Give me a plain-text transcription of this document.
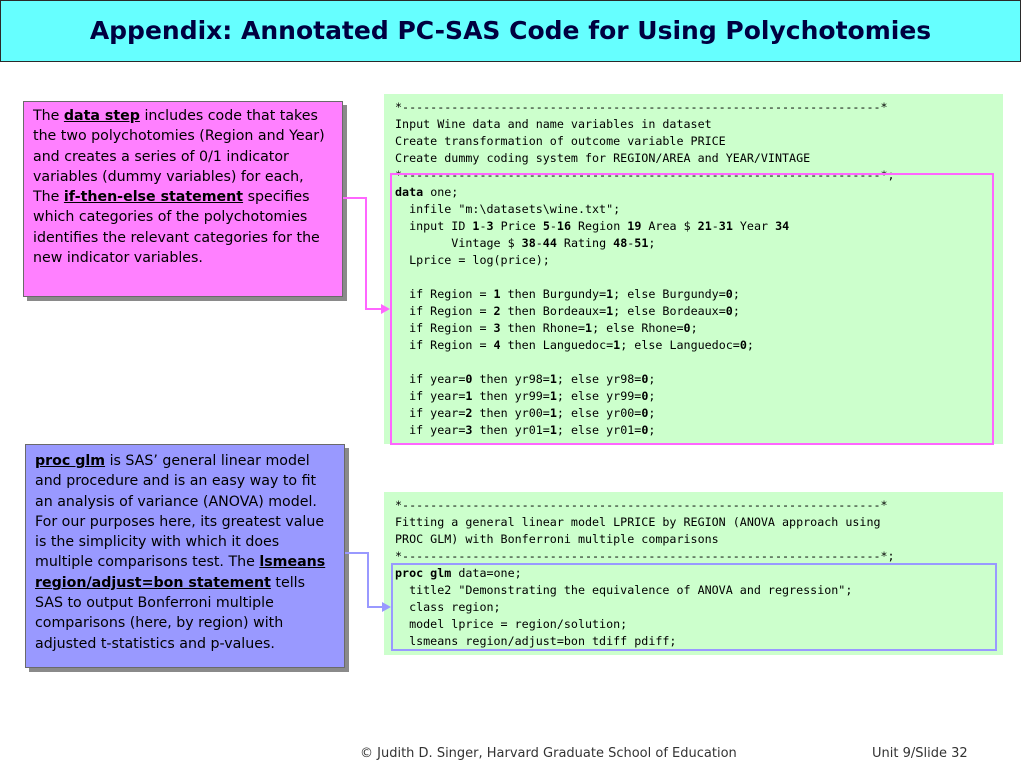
Appendix: Annotated PC-SAS Code for Using Polychotomies
The data step includes code that takes the two polychotomies (Region and Year) and creates a series of 0/1 indicator variables (dummy variables) for each, The if-then-else statement specifies which categories of the polychotomies identifies the relevant categories for the new indicator variables.
proc glm is SAS’ general linear model and procedure and is an easy way to fit an analysis of variance (ANOVA) model. For our purposes here, its greatest value is the simplicity with which it does multiple comparisons test. The lsmeans region/adjust=bon statement tells SAS to output Bonferroni multiple comparisons (here, by region) with adjusted t-statistics and p-values.
*--------------------------------------------------------------------*
Input Wine data and name variables in dataset
Create transformation of outcome variable PRICE
Create dummy coding system for REGION/AREA and YEAR/VINTAGE
*--------------------------------------------------------------------*;
data one;
infile "m:\datasets\wine.txt";
input ID 1-3 Price 5-16 Region 19 Area $ 21-31 Year 34
Vintage $ 38-44 Rating 48-51;
Lprice = log(price);

if Region = 1 then Burgundy=1; else Burgundy=0;
if Region = 2 then Bordeaux=1; else Bordeaux=0;
if Region = 3 then Rhone=1; else Rhone=0;
if Region = 4 then Languedoc=1; else Languedoc=0;

if year=0 then yr98=1; else yr98=0;
if year=1 then yr99=1; else yr99=0;
if year=2 then yr00=1; else yr00=0;
if year=3 then yr01=1; else yr01=0;
*--------------------------------------------------------------------*
Fitting a general linear model LPRICE by REGION (ANOVA approach using
PROC GLM) with Bonferroni multiple comparisons
*--------------------------------------------------------------------*;
proc glm data=one;
title2 "Demonstrating the equivalence of ANOVA and regression";
class region;
model lprice = region/solution;
lsmeans region/adjust=bon tdiff pdiff;
© Judith D. Singer, Harvard Graduate School of Education	Unit 9/Slide 32
